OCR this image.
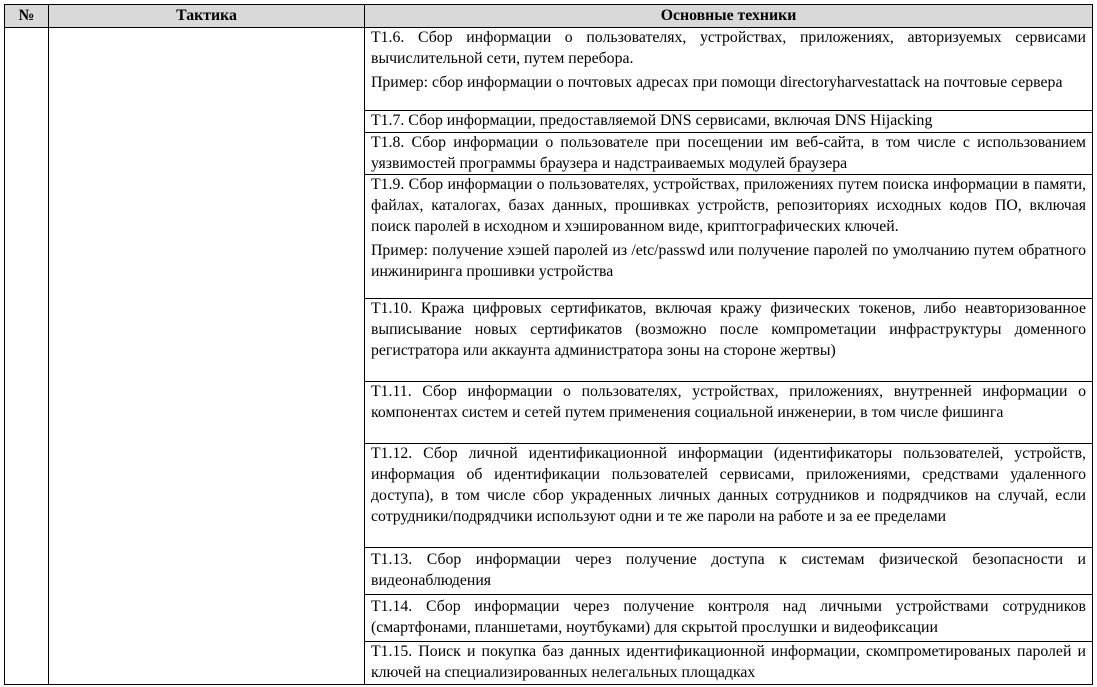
№	Тактика	Основные техники

		Т1.6. Сбор информации о пользователях, устройствах, приложениях, авторизуемых сервисами вычислительной сети, путем перебора.

Пример: сбор информации о почтовых адресах при помощи directoryharvestattack на почтовые сервера

		Т1.7. Сбор информации, предоставляемой DNS сервисами, включая DNS Hijacking

		Т1.8. Сбор информации о пользователе при посещении им веб-сайта, в том числе с использованием уязвимостей программы браузера и надстраиваемых модулей браузера

		Т1.9. Сбор информации о пользователях, устройствах, приложениях путем поиска информации в памяти, файлах, каталогах, базах данных, прошивках устройств, репозиториях исходных кодов ПО, включая поиск паролей в исходном и хэшированном виде, криптографических ключей.

Пример: получение хэшей паролей из /etc/passwd или получение паролей по умолчанию путем обратного инжиниринга прошивки устройства

		Т1.10. Кража цифровых сертификатов, включая кражу физических токенов, либо неавторизованное выписывание новых сертификатов (возможно после компрометации инфраструктуры доменного регистратора или аккаунта администратора зоны на стороне жертвы)

		Т1.11. Сбор информации о пользователях, устройствах, приложениях, внутренней информации о компонентах систем и сетей путем применения социальной инженерии, в том числе фишинга

		Т1.12. Сбор личной идентификационной информации (идентификаторы пользователей, устройств, информация об идентификации пользователей сервисами, приложениями, средствами удаленного доступа), в том числе сбор украденных личных данных сотрудников и подрядчиков на случай, если сотрудники/подрядчики используют одни и те же пароли на работе и за ее пределами

		Т1.13. Сбор информации через получение доступа к системам физической безопасности и видеонаблюдения

		Т1.14. Сбор информации через получение контроля над личными устройствами сотрудников (смартфонами, планшетами, ноутбуками) для скрытой прослушки и видеофиксации

		Т1.15. Поиск и покупка баз данных идентификационной информации, скомпрометированых паролей и ключей на специализированных нелегальных площадках
